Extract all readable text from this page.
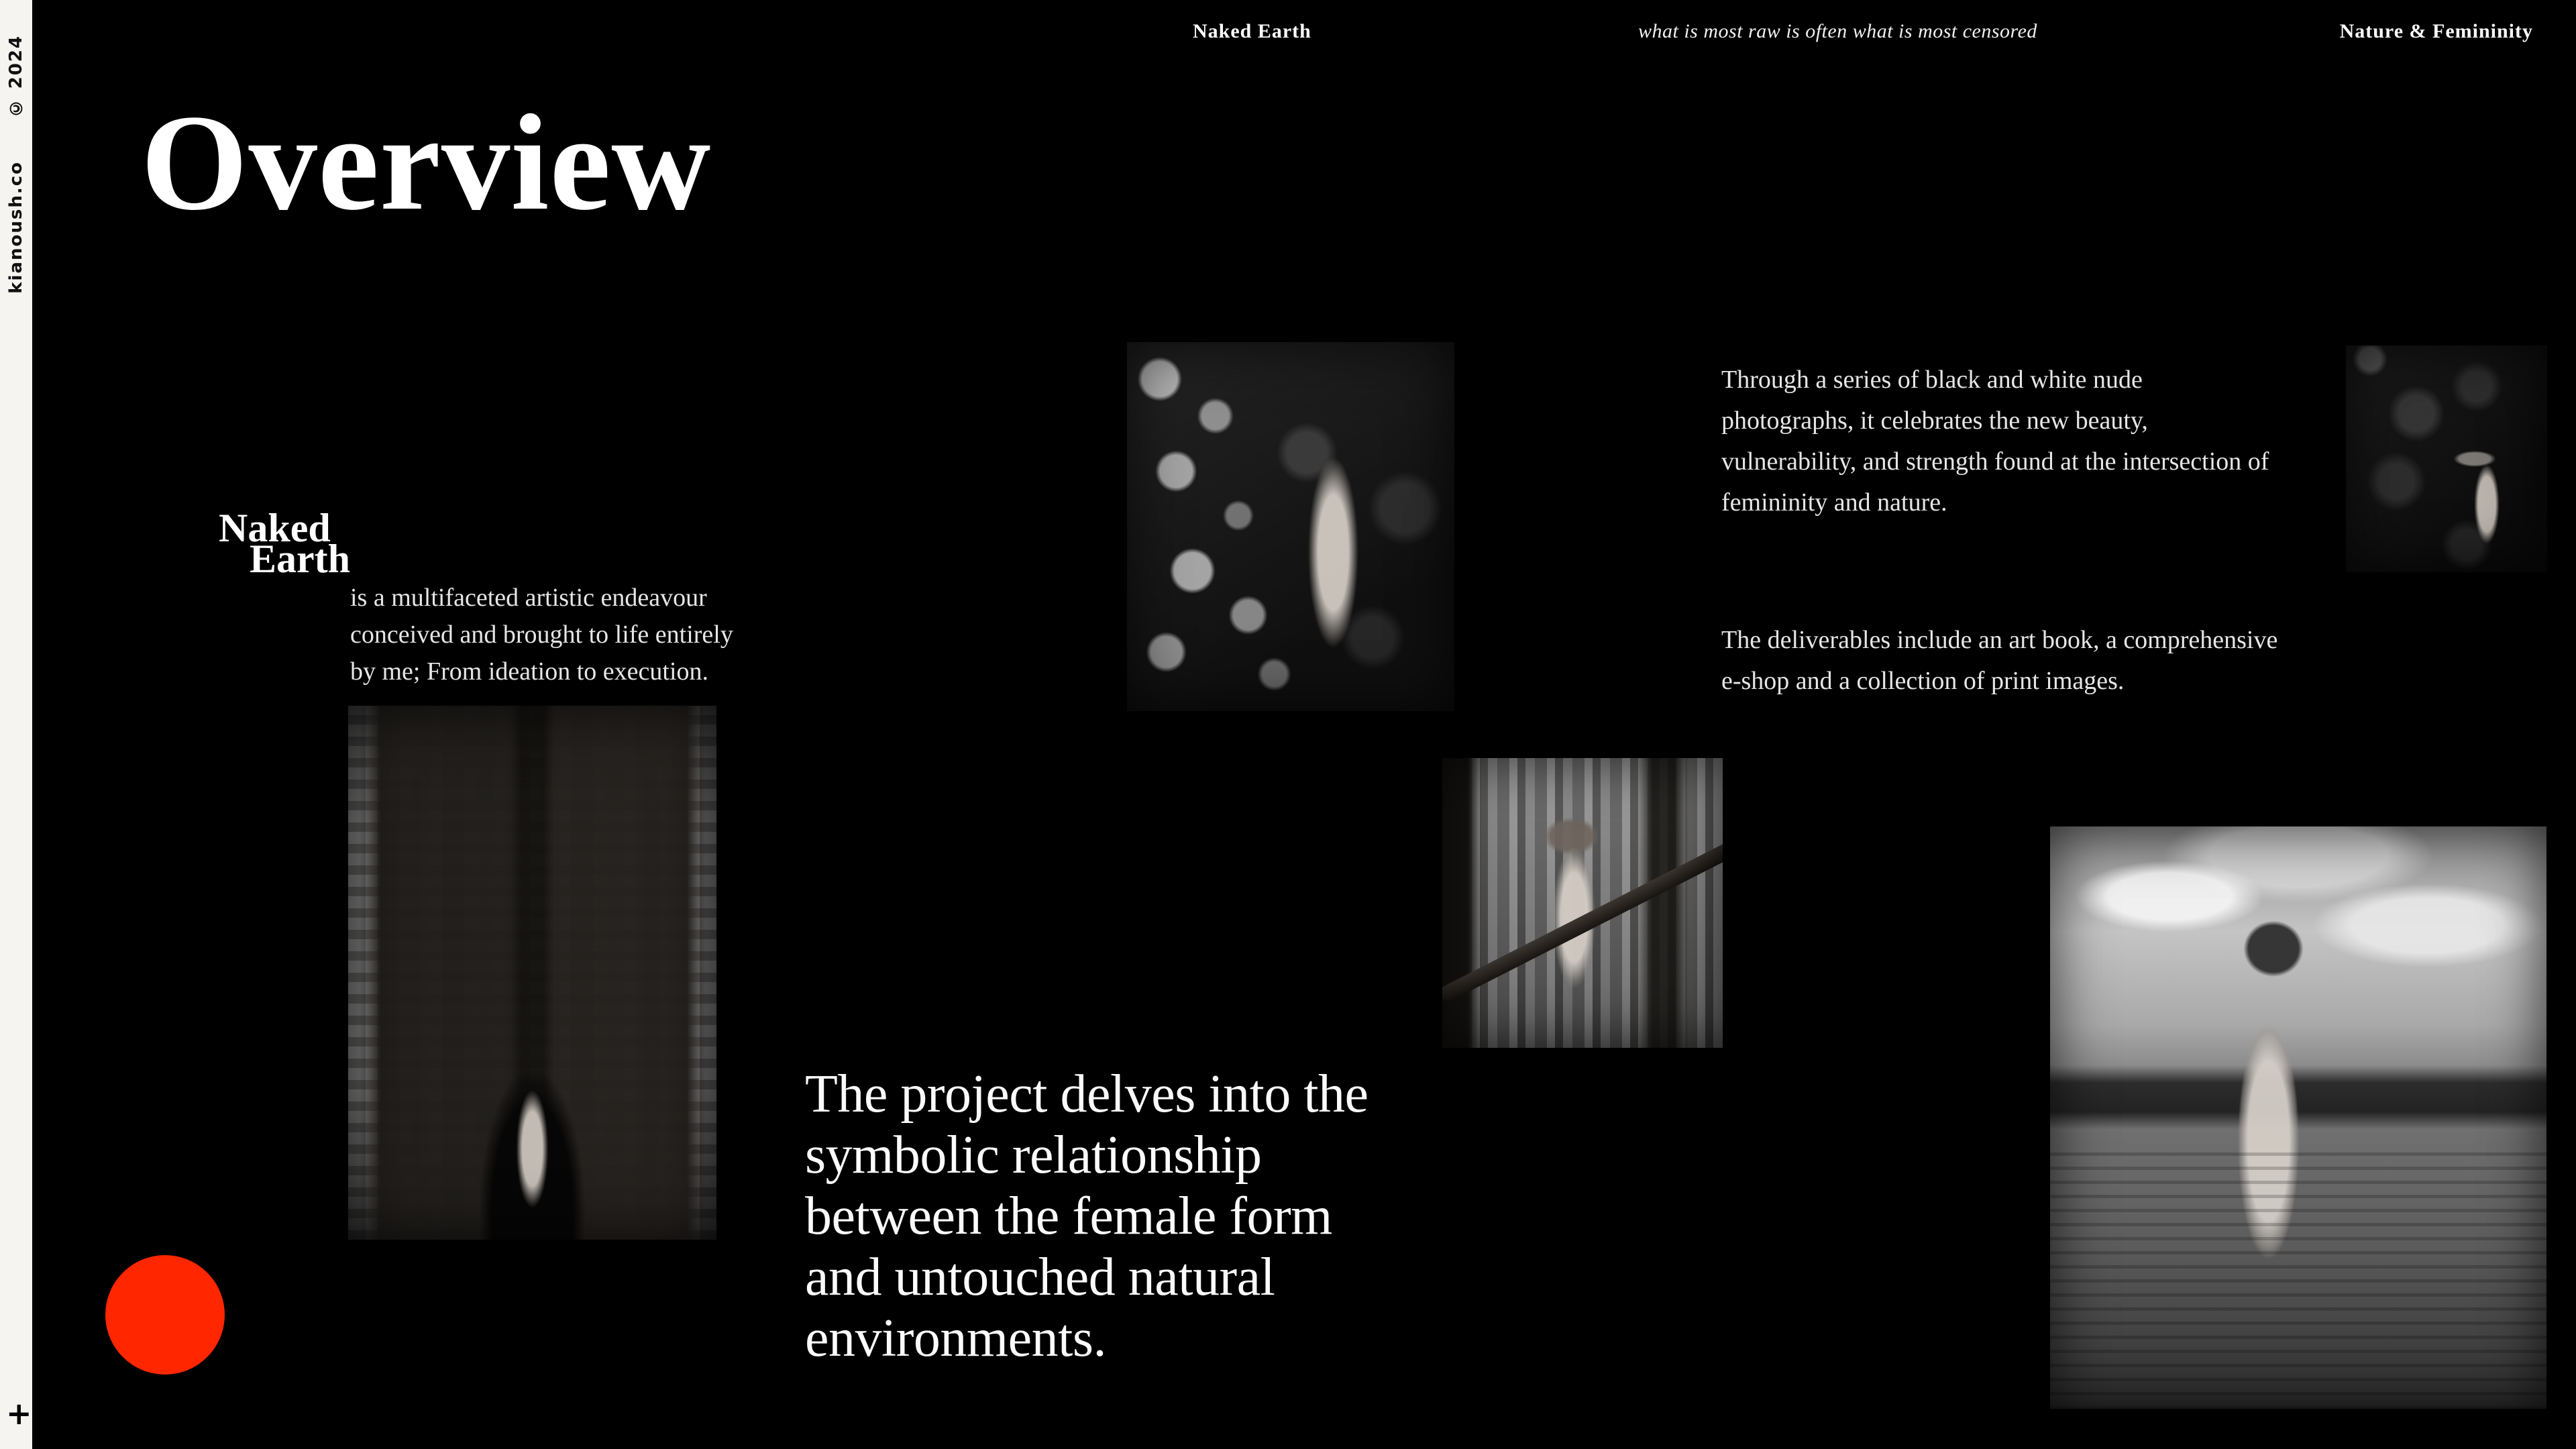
© 2024
kianoush.co
+
Naked Earth	what is most raw is often what is most censored	Nature & Femininity
Overview
Naked
Earth

is a multifaceted artistic endeavour
conceived and brought to life entirely
by me; From ideation to execution.

Through a series of black and white nude
photographs, it celebrates the new beauty,
vulnerability, and strength found at the intersection of
femininity and nature.

The deliverables include an art book, a comprehensive
e-shop and a collection of print images.

The project delves into the
symbolic relationship
between the female form
and untouched natural
environments.
